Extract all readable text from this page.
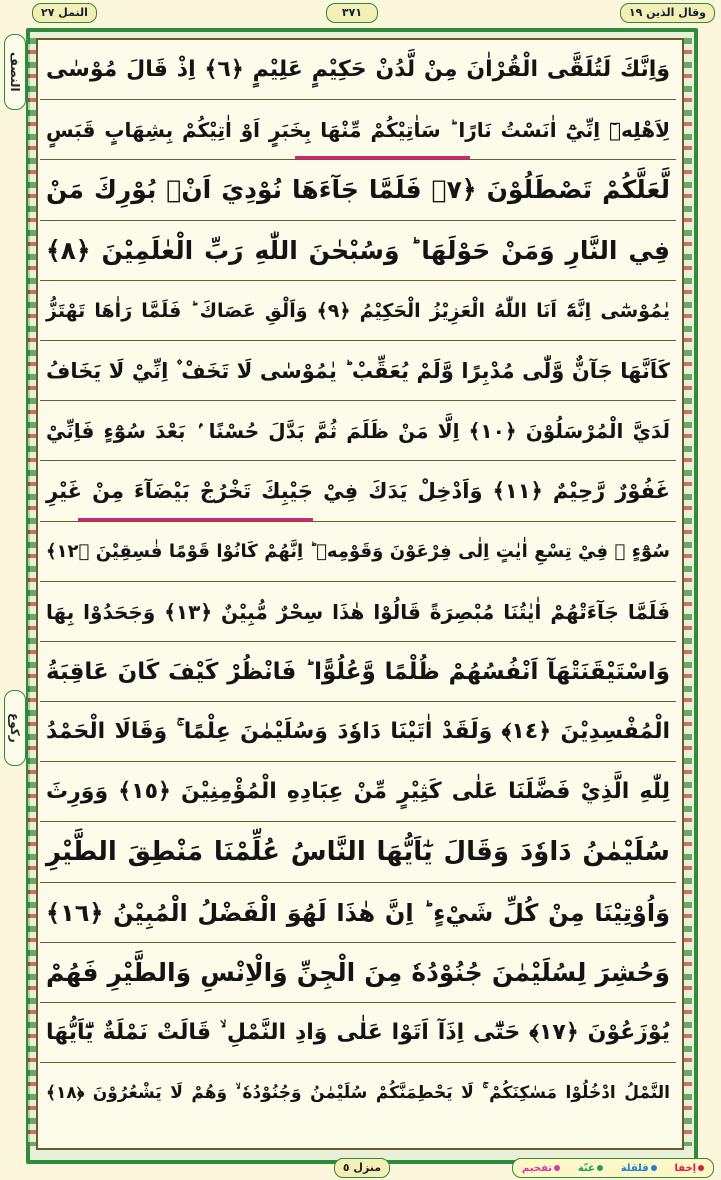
النمل ٢٧	٣٧١	وقال الذين ١٩
النصف
ركوع
وَاِنَّكَ لَتُلَقَّى الْقُرْاٰنَ مِنْ لَّدُنْ حَكِيْمٍ عَلِيْمٍ ﴿٦﴾ اِذْ قَالَ مُوْسٰى
لِاَهْلِهٖٓ اِنِّيْٓ اٰنَسْتُ نَارًا ؕ سَاٰتِيْكُمْ مِّنْهَا بِخَبَرٍ اَوْ اٰتِيْكُمْ بِشِهَابٍ قَبَسٍ
لَّعَلَّكُمْ تَصْطَلُوْنَ ﴿٧﴾ فَلَمَّا جَآءَهَا نُوْدِيَ اَنْۢ بُوْرِكَ مَنْ
فِي النَّارِ وَمَنْ حَوْلَهَا ؕ وَسُبْحٰنَ اللّٰهِ رَبِّ الْعٰلَمِيْنَ ﴿٨﴾
يٰمُوْسٰٓى اِنَّهٗٓ اَنَا اللّٰهُ الْعَزِيْزُ الْحَكِيْمُ ﴿٩﴾ وَاَلْقِ عَصَاكَ ؕ فَلَمَّا رَاٰهَا تَهْتَزُّ
كَاَنَّهَا جَآنٌّ وَّلّٰى مُدْبِرًا وَّلَمْ يُعَقِّبْ ؕ يٰمُوْسٰى لَا تَخَفْ ۫ اِنِّيْ لَا يَخَافُ
لَدَيَّ الْمُرْسَلُوْنَ ﴿١٠﴾ اِلَّا مَنْ ظَلَمَ ثُمَّ بَدَّلَ حُسْنًا ۢ بَعْدَ سُوْٓءٍ فَاِنِّيْ
غَفُوْرٌ رَّحِيْمٌ ﴿١١﴾ وَاَدْخِلْ يَدَكَ فِيْ جَيْبِكَ تَخْرُجْ بَيْضَآءَ مِنْ غَيْرِ
سُوْٓءٍ ۫ فِيْ تِسْعِ اٰيٰتٍ اِلٰى فِرْعَوْنَ وَقَوْمِهٖ ؕ اِنَّهُمْ كَانُوْا قَوْمًا فٰسِقِيْنَ ﴿١٢﴾
فَلَمَّا جَآءَتْهُمْ اٰيٰتُنَا مُبْصِرَةً قَالُوْا هٰذَا سِحْرٌ مُّبِيْنٌ ﴿١٣﴾ وَجَحَدُوْا بِهَا
وَاسْتَيْقَنَتْهَآ اَنْفُسُهُمْ ظُلْمًا وَّعُلُوًّا ؕ فَانْظُرْ كَيْفَ كَانَ عَاقِبَةُ
الْمُفْسِدِيْنَ ﴿١٤﴾ وَلَقَدْ اٰتَيْنَا دَاوٗدَ وَسُلَيْمٰنَ عِلْمًا ۚ وَقَالَا الْحَمْدُ
لِلّٰهِ الَّذِيْ فَضَّلَنَا عَلٰى كَثِيْرٍ مِّنْ عِبَادِهِ الْمُؤْمِنِيْنَ ﴿١٥﴾ وَوَرِثَ
سُلَيْمٰنُ دَاوٗدَ وَقَالَ يٰٓاَيُّهَا النَّاسُ عُلِّمْنَا مَنْطِقَ الطَّيْرِ
وَاُوْتِيْنَا مِنْ كُلِّ شَيْءٍ ؕ اِنَّ هٰذَا لَهُوَ الْفَضْلُ الْمُبِيْنُ ﴿١٦﴾
وَحُشِرَ لِسُلَيْمٰنَ جُنُوْدُهٗ مِنَ الْجِنِّ وَالْاِنْسِ وَالطَّيْرِ فَهُمْ
يُوْزَعُوْنَ ﴿١٧﴾ حَتّٰٓى اِذَآ اَتَوْا عَلٰى وَادِ النَّمْلِ ۙ قَالَتْ نَمْلَةٌ يّٰٓاَيُّهَا
النَّمْلُ ادْخُلُوْا مَسٰكِنَكُمْ ۚ لَا يَحْطِمَنَّكُمْ سُلَيْمٰنُ وَجُنُوْدُهٗ ۙ وَهُمْ لَا يَشْعُرُوْنَ ﴿١٨﴾
منزل ٥	اِخفا
قلقلة
غنّة
تفخيم
